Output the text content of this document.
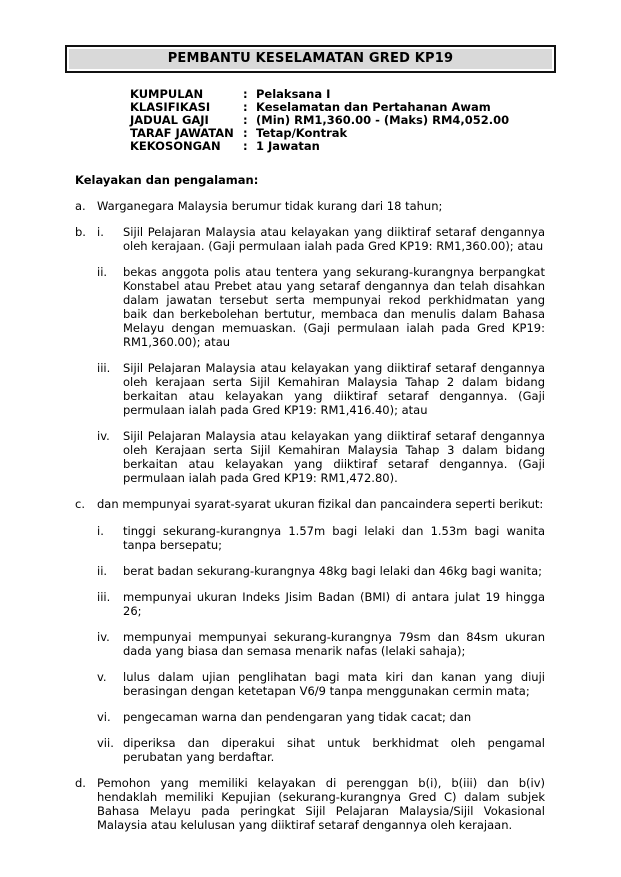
PEMBANTU KESELAMATAN GRED KP19
KUMPULAN	: Pelaksana I
KLASIFIKASI	: Keselamatan dan Pertahanan Awam
JADUAL GAJI	: (Min) RM1,360.00 - (Maks) RM4,052.00
TARAF JAWATAN : Tetap/Kontrak
KEKOSONGAN : 1 Jawatan
Kelayakan dan pengalaman:
a. Warganegara Malaysia berumur tidak kurang dari 18 tahun;
b. i.	Sijil Pelajaran Malaysia atau kelayakan yang diiktiraf setaraf dengannya oleh kerajaan. (Gaji permulaan ialah pada Gred KP19: RM1,360.00); atau
ii.	bekas anggota polis atau tentera yang sekurang-kurangnya berpangkat Konstabel atau Prebet atau yang setaraf dengannya dan telah disahkan dalam jawatan tersebut serta mempunyai rekod perkhidmatan yang baik dan berkebolehan bertutur, membaca dan menulis dalam Bahasa Melayu dengan memuaskan. (Gaji permulaan ialah pada Gred KP19: RM1,360.00); atau
iii.	Sijil Pelajaran Malaysia atau kelayakan yang diiktiraf setaraf dengannya oleh kerajaan serta Sijil Kemahiran Malaysia Tahap 2 dalam bidang berkaitan atau kelayakan yang diiktiraf setaraf dengannya. (Gaji permulaan ialah pada Gred KP19: RM1,416.40); atau
iv.	Sijil Pelajaran Malaysia atau kelayakan yang diiktiraf setaraf dengannya oleh Kerajaan serta Sijil Kemahiran Malaysia Tahap 3 dalam bidang berkaitan atau kelayakan yang diiktiraf setaraf dengannya. (Gaji permulaan ialah pada Gred KP19: RM1,472.80).
c.	dan mempunyai syarat-syarat ukuran fizikal dan pancaindera seperti berikut:
i.	tinggi sekurang-kurangnya 1.57m bagi lelaki dan 1.53m bagi wanita tanpa bersepatu;
ii.	berat badan sekurang-kurangnya 48kg bagi lelaki dan 46kg bagi wanita;
iii.	mempunyai ukuran Indeks Jisim Badan (BMI) di antara julat 19 hingga 26;
iv.	mempunyai mempunyai sekurang-kurangnya 79sm dan 84sm ukuran dada yang biasa dan semasa menarik nafas (lelaki sahaja);
v.	lulus dalam ujian penglihatan bagi mata kiri dan kanan yang diuji berasingan dengan ketetapan V6/9 tanpa menggunakan cermin mata;
vi.	pengecaman warna dan pendengaran yang tidak cacat; dan
vii. diperiksa dan diperakui sihat untuk berkhidmat oleh pengamal perubatan yang berdaftar.
d. Pemohon yang memiliki kelayakan di perenggan b(i), b(iii) dan b(iv) hendaklah memiliki Kepujian (sekurang-kurangnya Gred C) dalam subjek Bahasa Melayu pada peringkat Sijil Pelajaran Malaysia/Sijil Vokasional Malaysia atau kelulusan yang diiktiraf setaraf dengannya oleh kerajaan.
